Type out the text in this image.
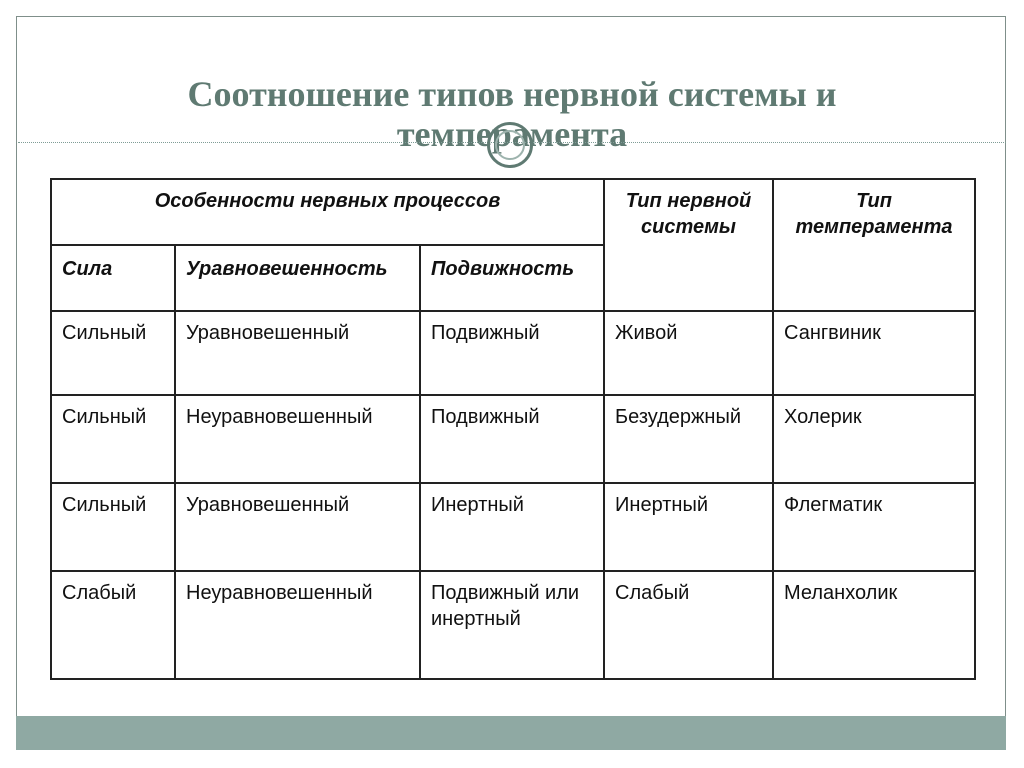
Соотношение типов нервной системы и
темперамента
Особенности нервных процессов			Тип нервной системы	Тип темперамента
Сила	Уравновешенность	Подвижность		
Сильный	Уравновешенный	Подвижный	Живой	Сангвиник
Сильный	Неуравновешенный	Подвижный	Безудержный	Холерик
Сильный	Уравновешенный	Инертный	Инертный	Флегматик
Слабый	Неуравновешенный	Подвижный или инертный	Слабый	Меланхолик
